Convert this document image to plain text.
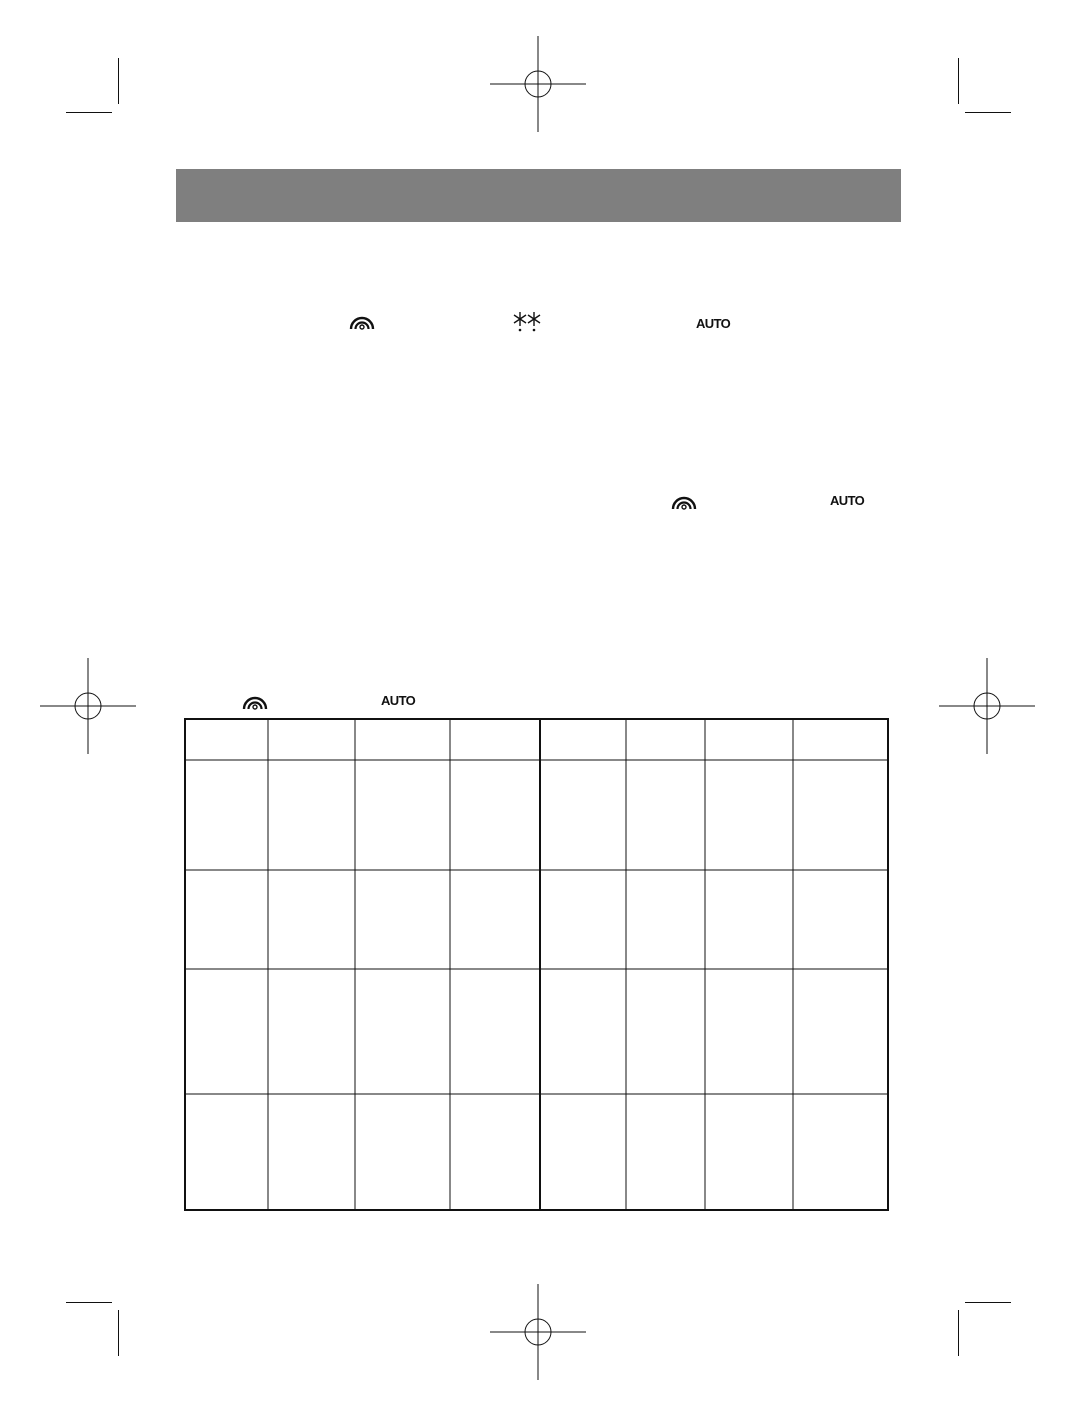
AUTO
AUTO
AUTO
